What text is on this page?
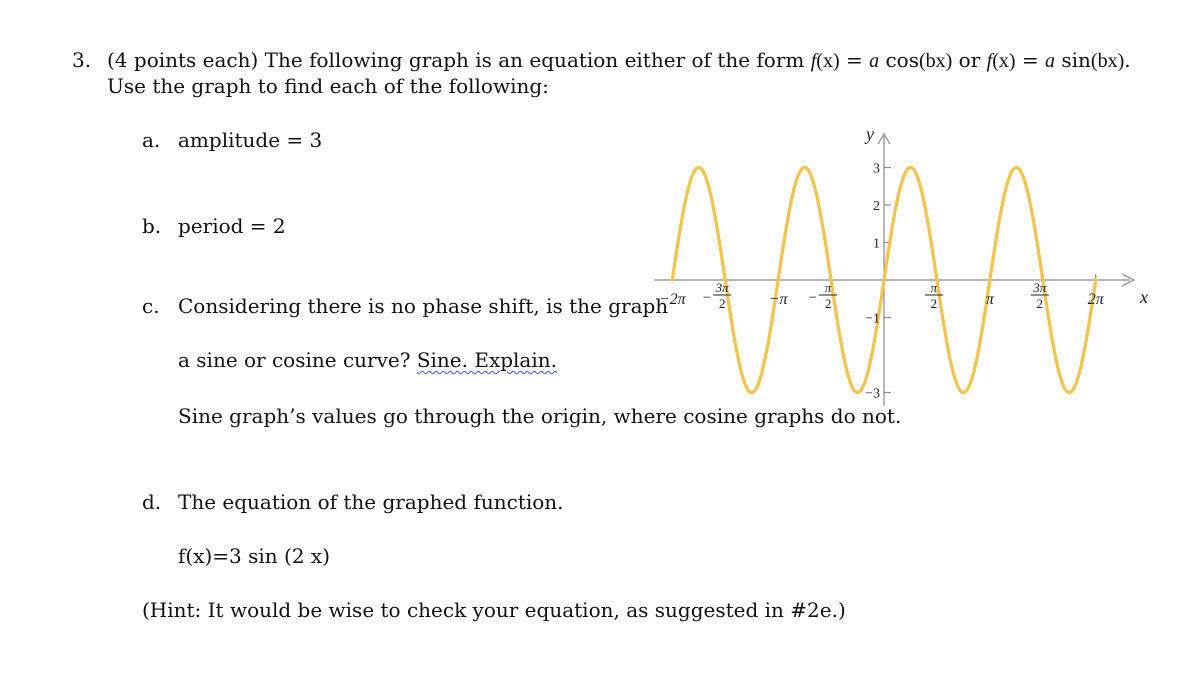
3. (4 points each) The following graph is an equation either of the form f(x) = a cos(bx) or f(x) = a sin(bx).
Use the graph to find each of the following:
a. amplitude = 3
b. period = 2
c. Considering there is no phase shift, is the graph
a sine or cosine curve? Sine. Explain.
Sine graph’s values go through the origin, where cosine graphs do not.
d. The equation of the graphed function.
f(x)=3 sin (2 x)
(Hint: It would be wise to check your equation, as suggested in #2e.)
x
y
3
2
1
−1
−3
−2π −
3π
2	−π −
π
2
π
2	π
3π
2	2π
